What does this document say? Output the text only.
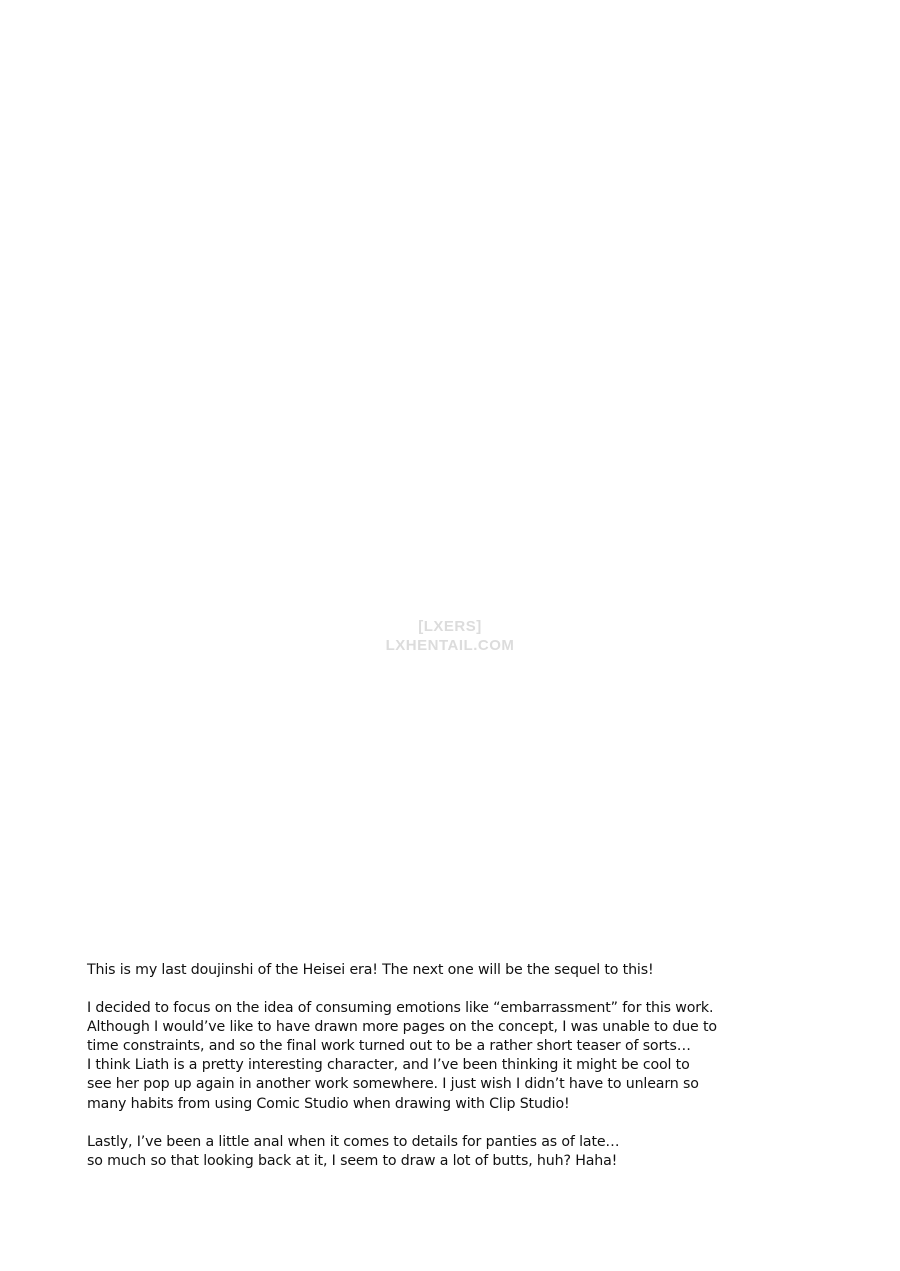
[LXERS]
LXHENTAIL.COM
This is my last doujinshi of the Heisei era! The next one will be the sequel to this!
I decided to focus on the idea of consuming emotions like “embarrassment” for this work.
Although I would’ve like to have drawn more pages on the concept, I was unable to due to
time constraints, and so the final work turned out to be a rather short teaser of sorts…
I think Liath is a pretty interesting character, and I’ve been thinking it might be cool to
see her pop up again in another work somewhere. I just wish I didn’t have to unlearn so
many habits from using Comic Studio when drawing with Clip Studio!
Lastly, I’ve been a little anal when it comes to details for panties as of late…
so much so that looking back at it, I seem to draw a lot of butts, huh? Haha!
